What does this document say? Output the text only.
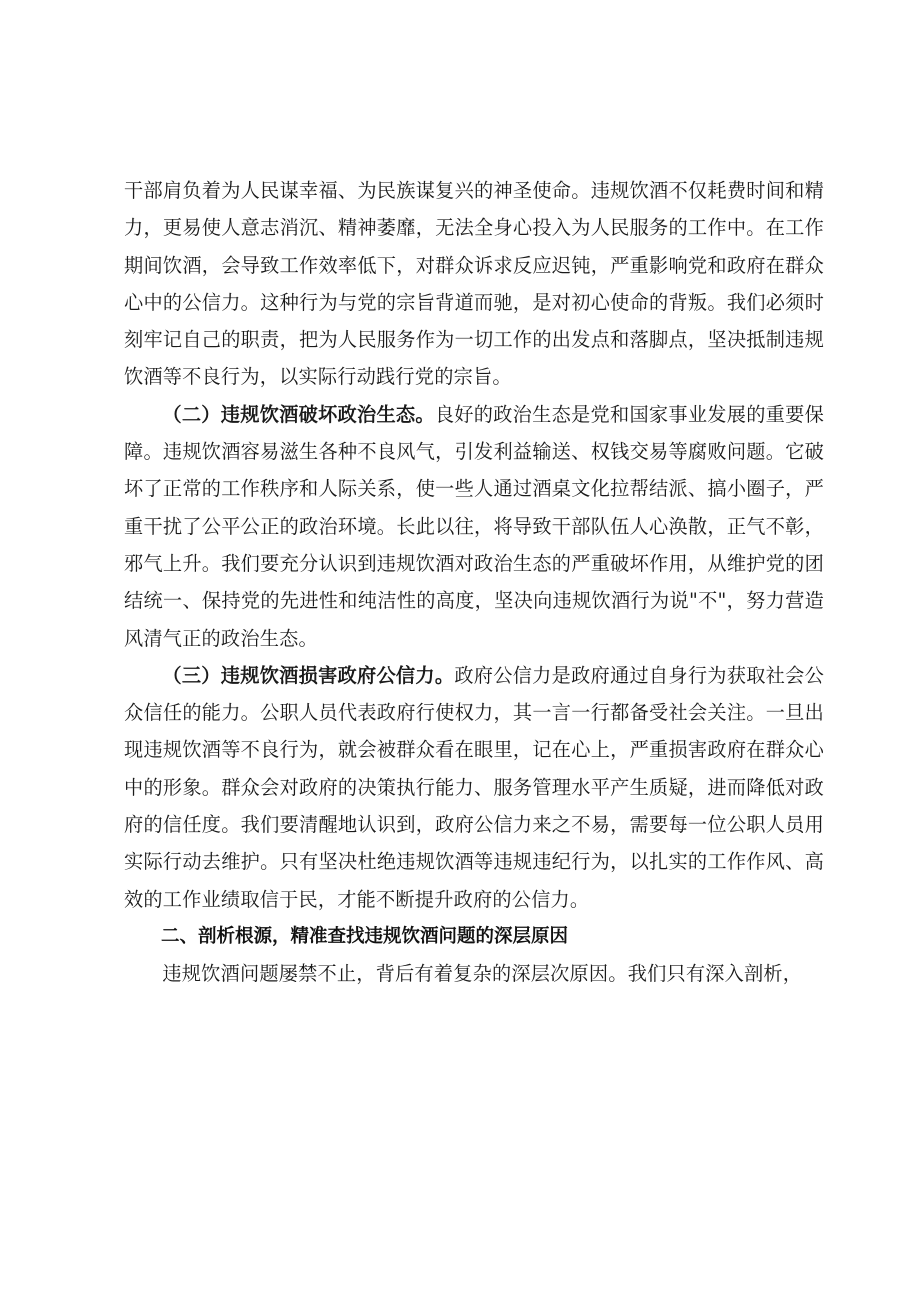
干部肩负着为人民谋幸福、为民族谋复兴的神圣使命。违规饮酒不仅耗费时间和精力，更易使人意志消沉、精神萎靡，无法全身心投入为人民服务的工作中。在工作期间饮酒，会导致工作效率低下，对群众诉求反应迟钝，严重影响党和政府在群众心中的公信力。这种行为与党的宗旨背道而驰，是对初心使命的背叛。我们必须时刻牢记自己的职责，把为人民服务作为一切工作的出发点和落脚点，坚决抵制违规饮酒等不良行为，以实际行动践行党的宗旨。

（二）违规饮酒破坏政治生态。良好的政治生态是党和国家事业发展的重要保障。违规饮酒容易滋生各种不良风气，引发利益输送、权钱交易等腐败问题。它破坏了正常的工作秩序和人际关系，使一些人通过酒桌文化拉帮结派、搞小圈子，严重干扰了公平公正的政治环境。长此以往，将导致干部队伍人心涣散，正气不彰，邪气上升。我们要充分认识到违规饮酒对政治生态的严重破坏作用，从维护党的团结统一、保持党的先进性和纯洁性的高度，坚决向违规饮酒行为说"不"，努力营造风清气正的政治生态。

（三）违规饮酒损害政府公信力。政府公信力是政府通过自身行为获取社会公众信任的能力。公职人员代表政府行使权力，其一言一行都备受社会关注。一旦出现违规饮酒等不良行为，就会被群众看在眼里，记在心上，严重损害政府在群众心中的形象。群众会对政府的决策执行能力、服务管理水平产生质疑，进而降低对政府的信任度。我们要清醒地认识到，政府公信力来之不易，需要每一位公职人员用实际行动去维护。只有坚决杜绝违规饮酒等违规违纪行为，以扎实的工作作风、高效的工作业绩取信于民，才能不断提升政府的公信力。

二、剖析根源，精准查找违规饮酒问题的深层原因

违规饮酒问题屡禁不止，背后有着复杂的深层次原因。我们只有深入剖析，
